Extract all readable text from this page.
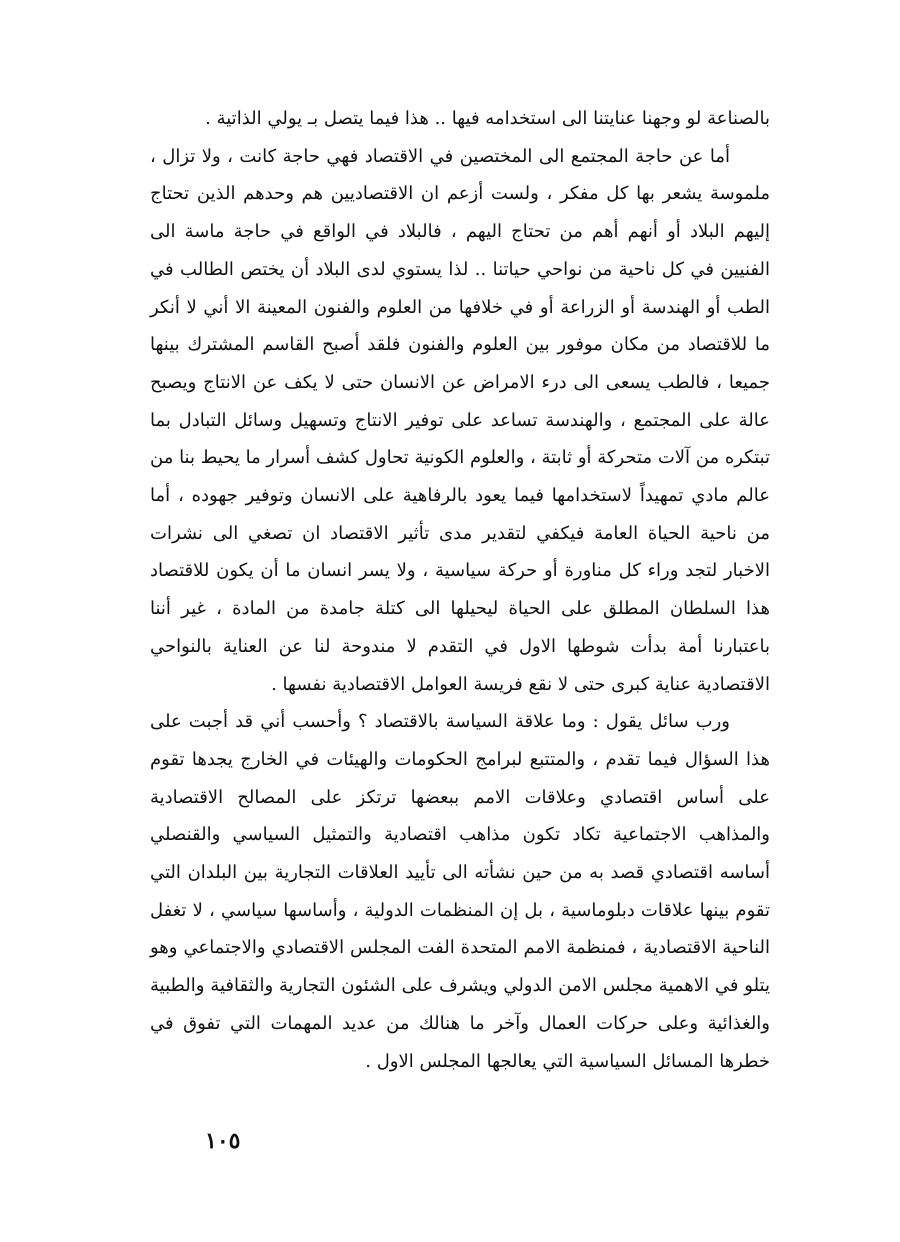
بالصناعة لو وجهنا عنايتنا الى استخدامه فيها .. هذا فيما يتصل بـ يولي الذاتية .

أما عن حاجة المجتمع الى المختصين في الاقتصاد فهي حاجة كانت ، ولا تزال ، ملموسة يشعر بها كل مفكر ، ولست أزعم ان الاقتصاديين هم وحدهم الذين تحتاج إليهم البلاد أو أنهم أهم من تحتاج اليهم ، فالبلاد في الواقع في حاجة ماسة الى الفنيين في كل ناحية من نواحي حياتنا .. لذا يستوي لدى البلاد أن يختص الطالب في الطب أو الهندسة أو الزراعة أو في خلافها من العلوم والفنون المعينة الا أني لا أنكر ما للاقتصاد من مكان موفور بين العلوم والفنون فلقد أصبح القاسم المشترك بينها جميعا ، فالطب يسعى الى درء الامراض عن الانسان حتى لا يكف عن الانتاج ويصبح عالة على المجتمع ، والهندسة تساعد على توفير الانتاج وتسهيل وسائل التبادل بما تبتكره من آلات متحركة أو ثابتة ، والعلوم الكونية تحاول كشف أسرار ما يحيط بنا من عالم مادي تمهيداً لاستخدامها فيما يعود بالرفاهية على الانسان وتوفير جهوده ، أما من ناحية الحياة العامة فيكفي لتقدير مدى تأثير الاقتصاد ان تصغي الى نشرات الاخبار لتجد وراء كل مناورة أو حركة سياسية ، ولا يسر انسان ما أن يكون للاقتصاد هذا السلطان المطلق على الحياة ليحيلها الى كتلة جامدة من المادة ، غير أننا باعتبارنا أمة بدأت شوطها الاول في التقدم لا مندوحة لنا عن العناية بالنواحي الاقتصادية عناية كبرى حتى لا نقع فريسة العوامل الاقتصادية نفسها .

ورب سائل يقول : وما علاقة السياسة بالاقتصاد ؟ وأحسب أني قد أجبت على هذا السؤال فيما تقدم ، والمتتبع لبرامج الحكومات والهيئات في الخارج يجدها تقوم على أساس اقتصادي وعلاقات الامم ببعضها ترتكز على المصالح الاقتصادية والمذاهب الاجتماعية تكاد تكون مذاهب اقتصادية والتمثيل السياسي والقنصلي أساسه اقتصادي قصد به من حين نشأته الى تأييد العلاقات التجارية بين البلدان التي تقوم بينها علاقات دبلوماسية ، بل إن المنظمات الدولية ، وأساسها سياسي ، لا تغفل الناحية الاقتصادية ، فمنظمة الامم المتحدة الفت المجلس الاقتصادي والاجتماعي وهو يتلو في الاهمية مجلس الامن الدولي ويشرف على الشئون التجارية والثقافية والطبية والغذائية وعلى حركات العمال وآخر ما هنالك من عديد المهمات التي تفوق في خطرها المسائل السياسية التي يعالجها المجلس الاول .

١٠٥
